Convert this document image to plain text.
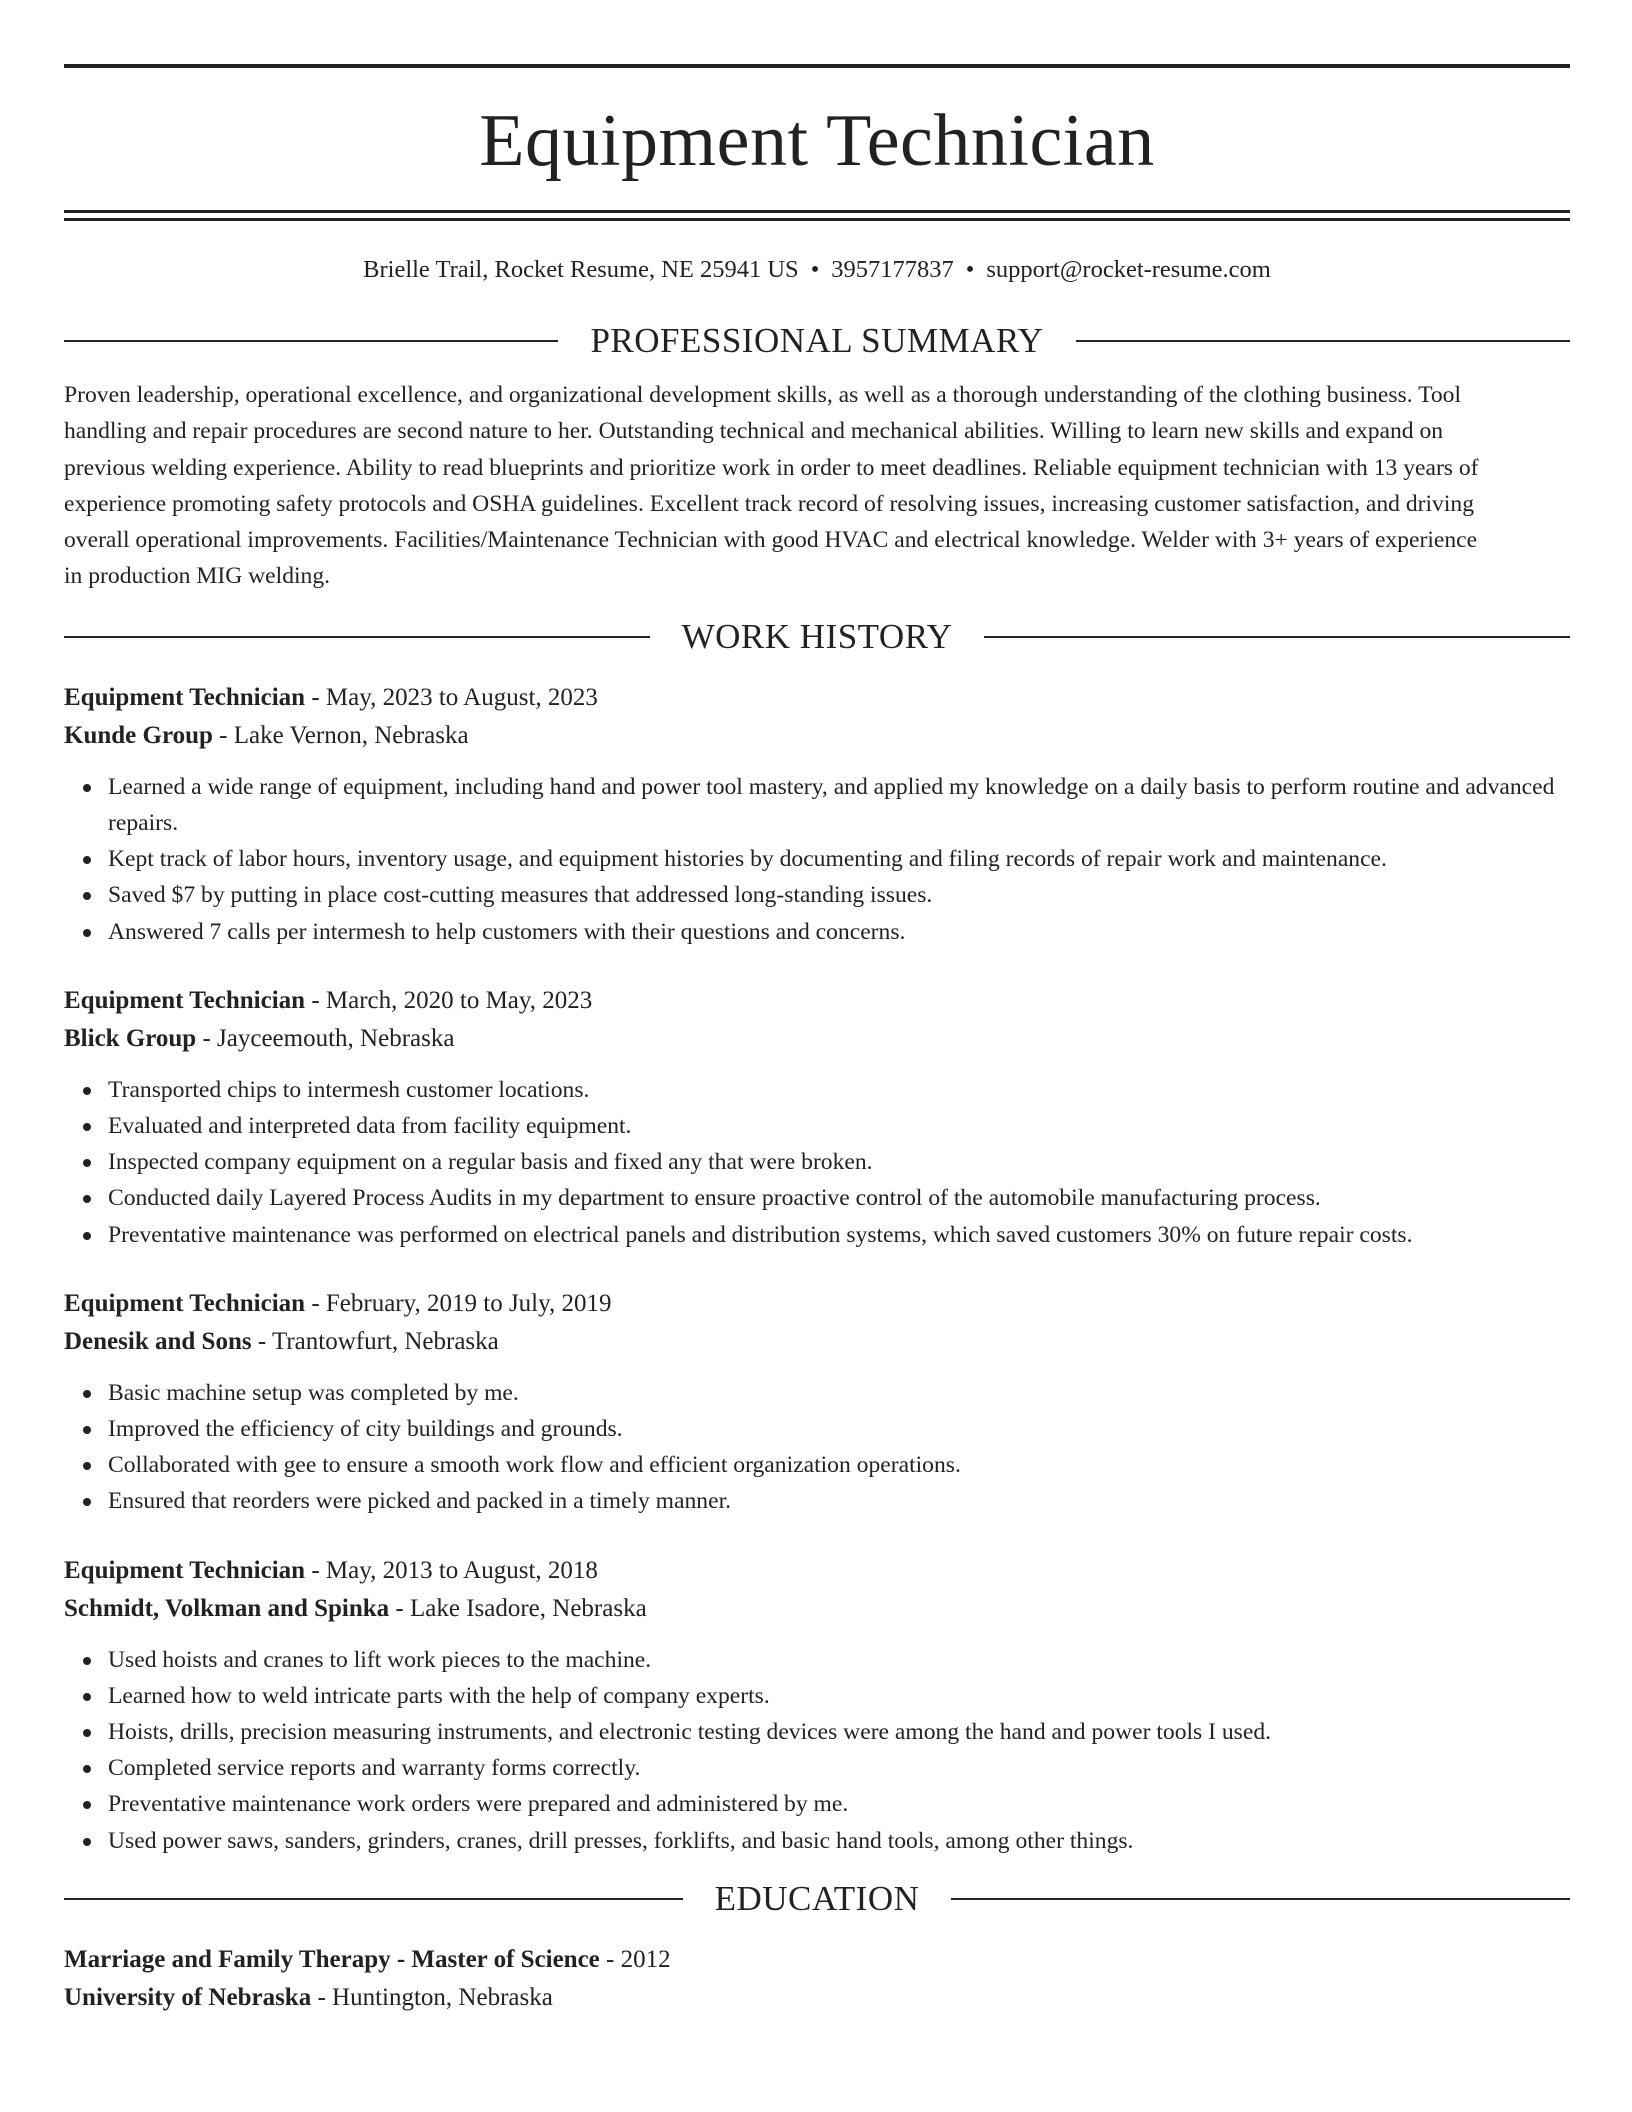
Equipment Technician
Brielle Trail, Rocket Resume, NE 25941 US • 3957177837 • support@rocket-resume.com
PROFESSIONAL SUMMARY
Proven leadership, operational excellence, and organizational development skills, as well as a thorough understanding of the clothing business. Tool
handling and repair procedures are second nature to her. Outstanding technical and mechanical abilities. Willing to learn new skills and expand on
previous welding experience. Ability to read blueprints and prioritize work in order to meet deadlines. Reliable equipment technician with 13 years of
experience promoting safety protocols and OSHA guidelines. Excellent track record of resolving issues, increasing customer satisfaction, and driving
overall operational improvements. Facilities/Maintenance Technician with good HVAC and electrical knowledge. Welder with 3+ years of experience
in production MIG welding.
WORK HISTORY
Equipment Technician - May, 2023 to August, 2023
Kunde Group - Lake Vernon, Nebraska
Learned a wide range of equipment, including hand and power tool mastery, and applied my knowledge on a daily basis to perform routine and advanced repairs.
Kept track of labor hours, inventory usage, and equipment histories by documenting and filing records of repair work and maintenance.
Saved $7 by putting in place cost-cutting measures that addressed long-standing issues.
Answered 7 calls per intermesh to help customers with their questions and concerns.
Equipment Technician - March, 2020 to May, 2023
Blick Group - Jayceemouth, Nebraska
Transported chips to intermesh customer locations.
Evaluated and interpreted data from facility equipment.
Inspected company equipment on a regular basis and fixed any that were broken.
Conducted daily Layered Process Audits in my department to ensure proactive control of the automobile manufacturing process.
Preventative maintenance was performed on electrical panels and distribution systems, which saved customers 30% on future repair costs.
Equipment Technician - February, 2019 to July, 2019
Denesik and Sons - Trantowfurt, Nebraska
Basic machine setup was completed by me.
Improved the efficiency of city buildings and grounds.
Collaborated with gee to ensure a smooth work flow and efficient organization operations.
Ensured that reorders were picked and packed in a timely manner.
Equipment Technician - May, 2013 to August, 2018
Schmidt, Volkman and Spinka - Lake Isadore, Nebraska
Used hoists and cranes to lift work pieces to the machine.
Learned how to weld intricate parts with the help of company experts.
Hoists, drills, precision measuring instruments, and electronic testing devices were among the hand and power tools I used.
Completed service reports and warranty forms correctly.
Preventative maintenance work orders were prepared and administered by me.
Used power saws, sanders, grinders, cranes, drill presses, forklifts, and basic hand tools, among other things.
EDUCATION
Marriage and Family Therapy - Master of Science - 2012
University of Nebraska - Huntington, Nebraska
